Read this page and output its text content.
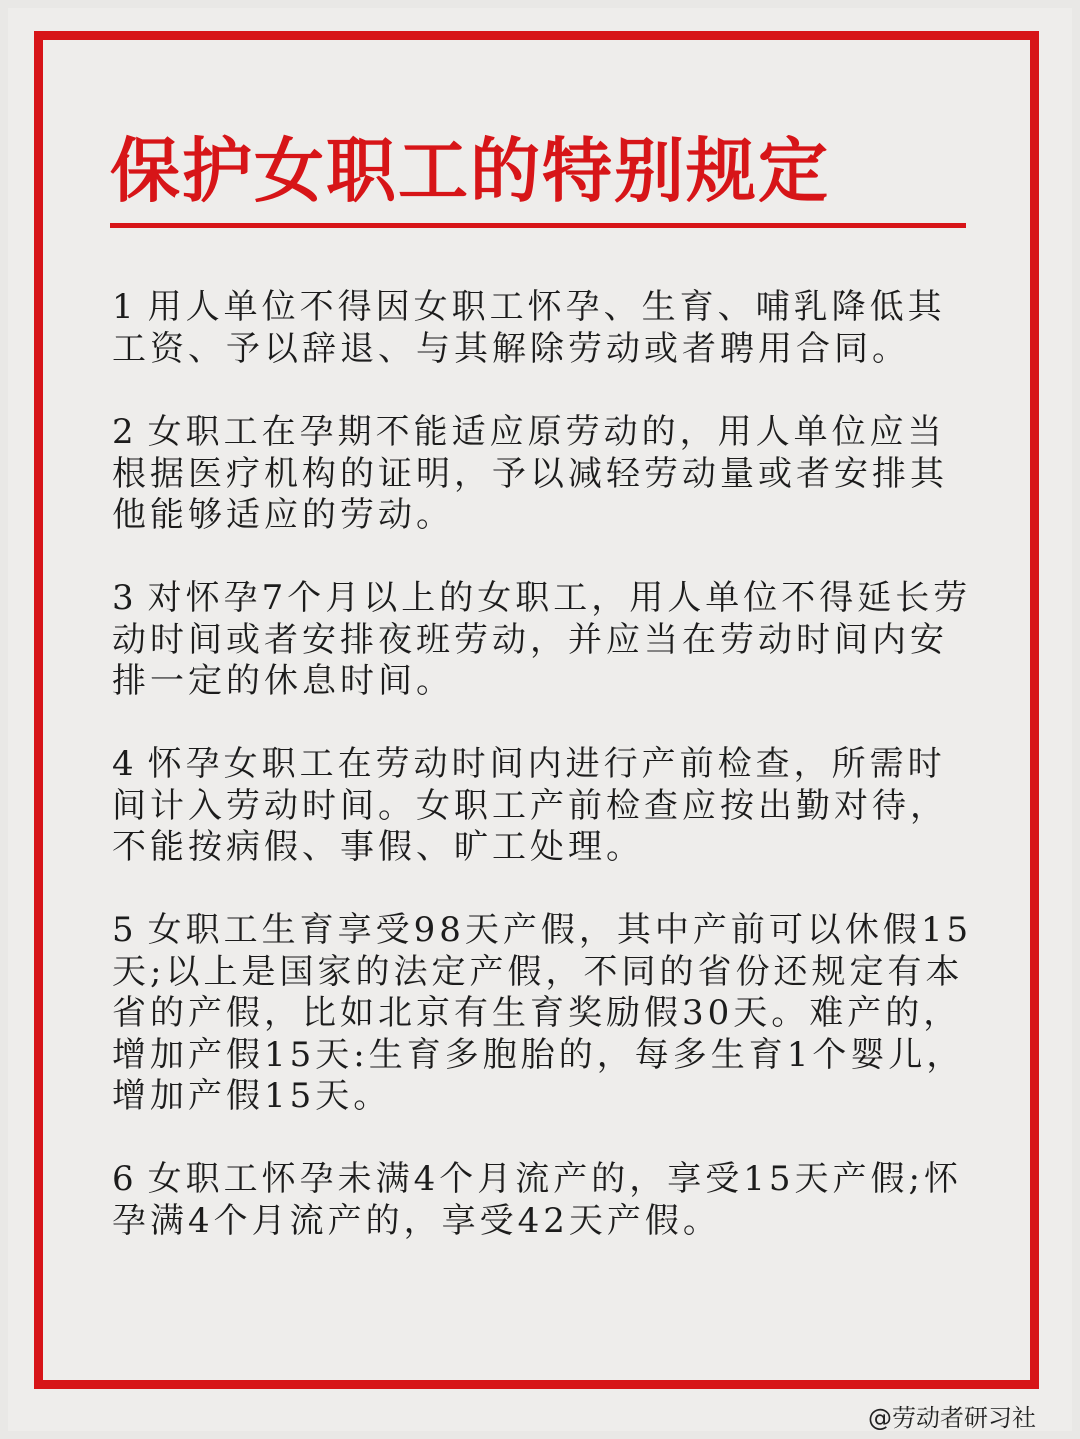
保护女职工的特别规定

1 用人单位不得因女职工怀孕、生育、哺乳降低其工资、予以辞退、与其解除劳动或者聘用合同。

2 女职工在孕期不能适应原劳动的，用人单位应当根据医疗机构的证明，予以减轻劳动量或者安排其他能够适应的劳动。

3 对怀孕7个月以上的女职工，用人单位不得延长劳动时间或者安排夜班劳动，并应当在劳动时间内安排一定的休息时间。

4 怀孕女职工在劳动时间内进行产前检查，所需时间计入劳动时间。女职工产前检查应按出勤对待，不能按病假、事假、旷工处理。

5 女职工生育享受98天产假，其中产前可以休假15天;以上是国家的法定产假，不同的省份还规定有本省的产假，比如北京有生育奖励假30天。难产的，增加产假15天:生育多胞胎的，每多生育1个婴儿，增加产假15天。

6 女职工怀孕未满4个月流产的，享受15天产假;怀孕满4个月流产的，享受42天产假。

@劳动者研习社
